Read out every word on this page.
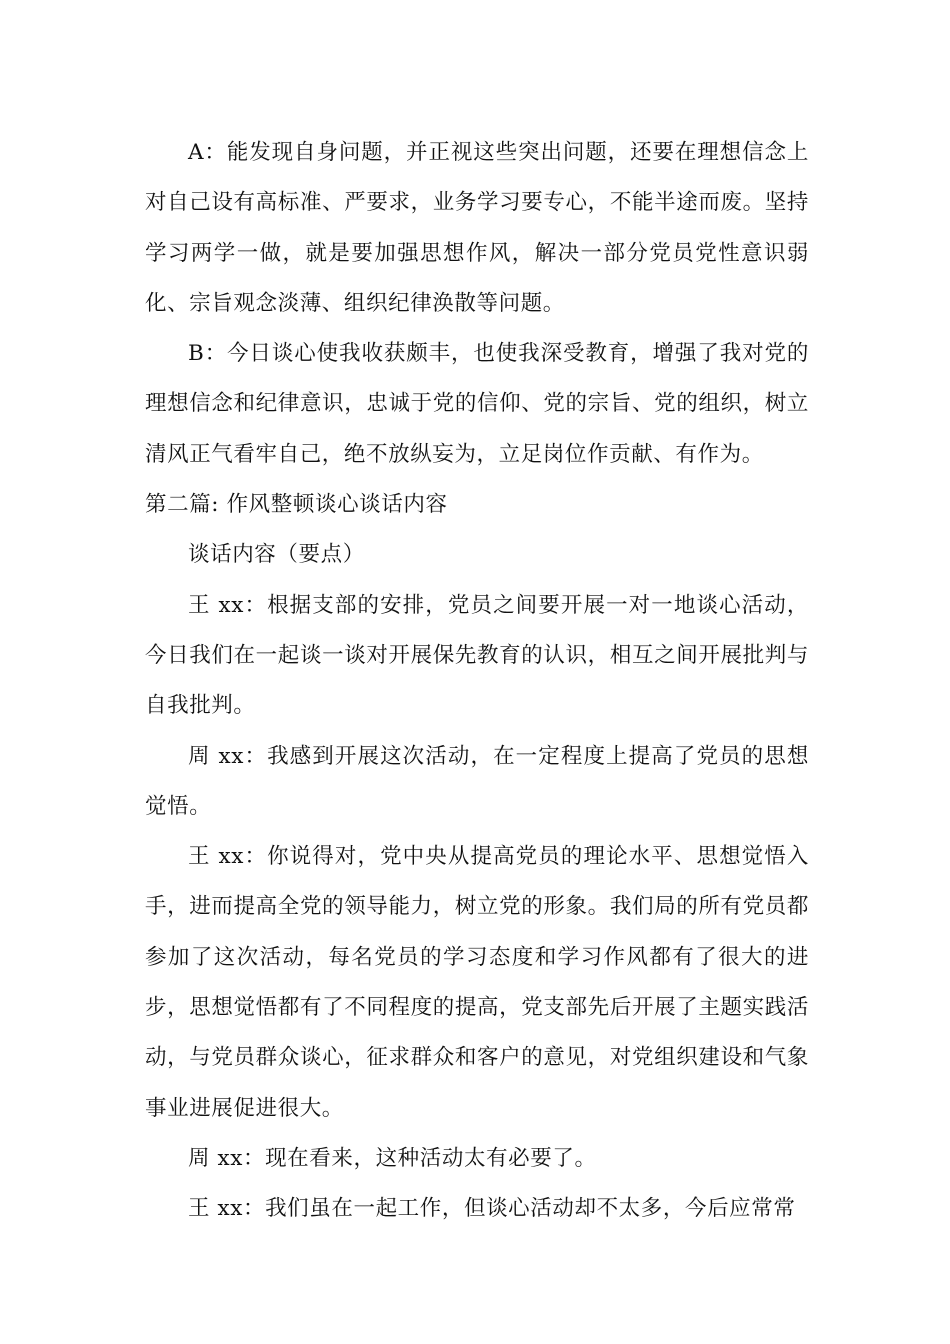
A：能发现自身问题，并正视这些突出问题，还要在理想信念上对自己设有高标准、严要求，业务学习要专心，不能半途而废。坚持学习两学一做，就是要加强思想作风，解决一部分党员党性意识弱化、宗旨观念淡薄、组织纪律涣散等问题。

B：今日谈心使我收获颇丰，也使我深受教育，增强了我对党的理想信念和纪律意识，忠诚于党的信仰、党的宗旨、党的组织，树立清风正气看牢自己，绝不放纵妄为，立足岗位作贡献、有作为。

第二篇: 作风整顿谈心谈话内容

谈话内容（要点）

王 xx：根据支部的安排，党员之间要开展一对一地谈心活动，今日我们在一起谈一谈对开展保先教育的认识，相互之间开展批判与自我批判。

周 xx：我感到开展这次活动，在一定程度上提高了党员的思想觉悟。

王 xx：你说得对，党中央从提高党员的理论水平、思想觉悟入手，进而提高全党的领导能力，树立党的形象。我们局的所有党员都参加了这次活动，每名党员的学习态度和学习作风都有了很大的进步，思想觉悟都有了不同程度的提高，党支部先后开展了主题实践活动，与党员群众谈心，征求群众和客户的意见，对党组织建设和气象事业进展促进很大。

周 xx：现在看来，这种活动太有必要了。

王 xx：我们虽在一起工作，但谈心活动却不太多，今后应常常
